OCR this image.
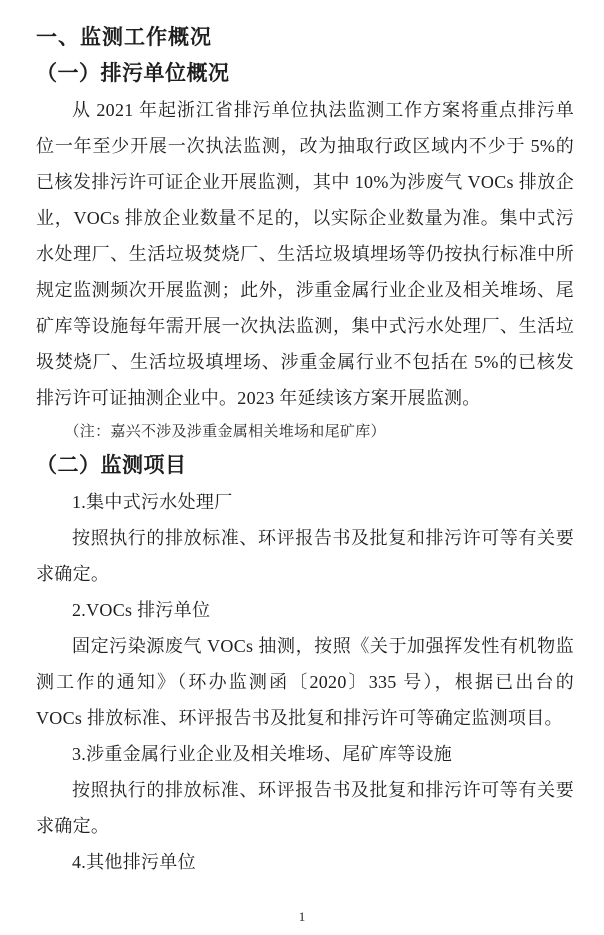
一、监测工作概况
（一）排污单位概况

从 2021 年起浙江省排污单位执法监测工作方案将重点排污单位一年至少开展一次执法监测，改为抽取行政区域内不少于 5%的已核发排污许可证企业开展监测，其中 10%为涉废气 VOCs 排放企业，VOCs 排放企业数量不足的，以实际企业数量为准。集中式污水处理厂、生活垃圾焚烧厂、生活垃圾填埋场等仍按执行标准中所规定监测频次开展监测；此外，涉重金属行业企业及相关堆场、尾矿库等设施每年需开展一次执法监测，集中式污水处理厂、生活垃圾焚烧厂、生活垃圾填埋场、涉重金属行业不包括在 5%的已核发排污许可证抽测企业中。2023 年延续该方案开展监测。

（注：嘉兴不涉及涉重金属相关堆场和尾矿库）

（二）监测项目

1.集中式污水处理厂

按照执行的排放标准、环评报告书及批复和排污许可等有关要求确定。

2.VOCs 排污单位

固定污染源废气 VOCs 抽测，按照《关于加强挥发性有机物监测工作的通知》（环办监测函〔2020〕335 号），根据已出台的 VOCs 排放标准、环评报告书及批复和排污许可等确定监测项目。

3.涉重金属行业企业及相关堆场、尾矿库等设施

按照执行的排放标准、环评报告书及批复和排污许可等有关要求确定。

4.其他排污单位

1
